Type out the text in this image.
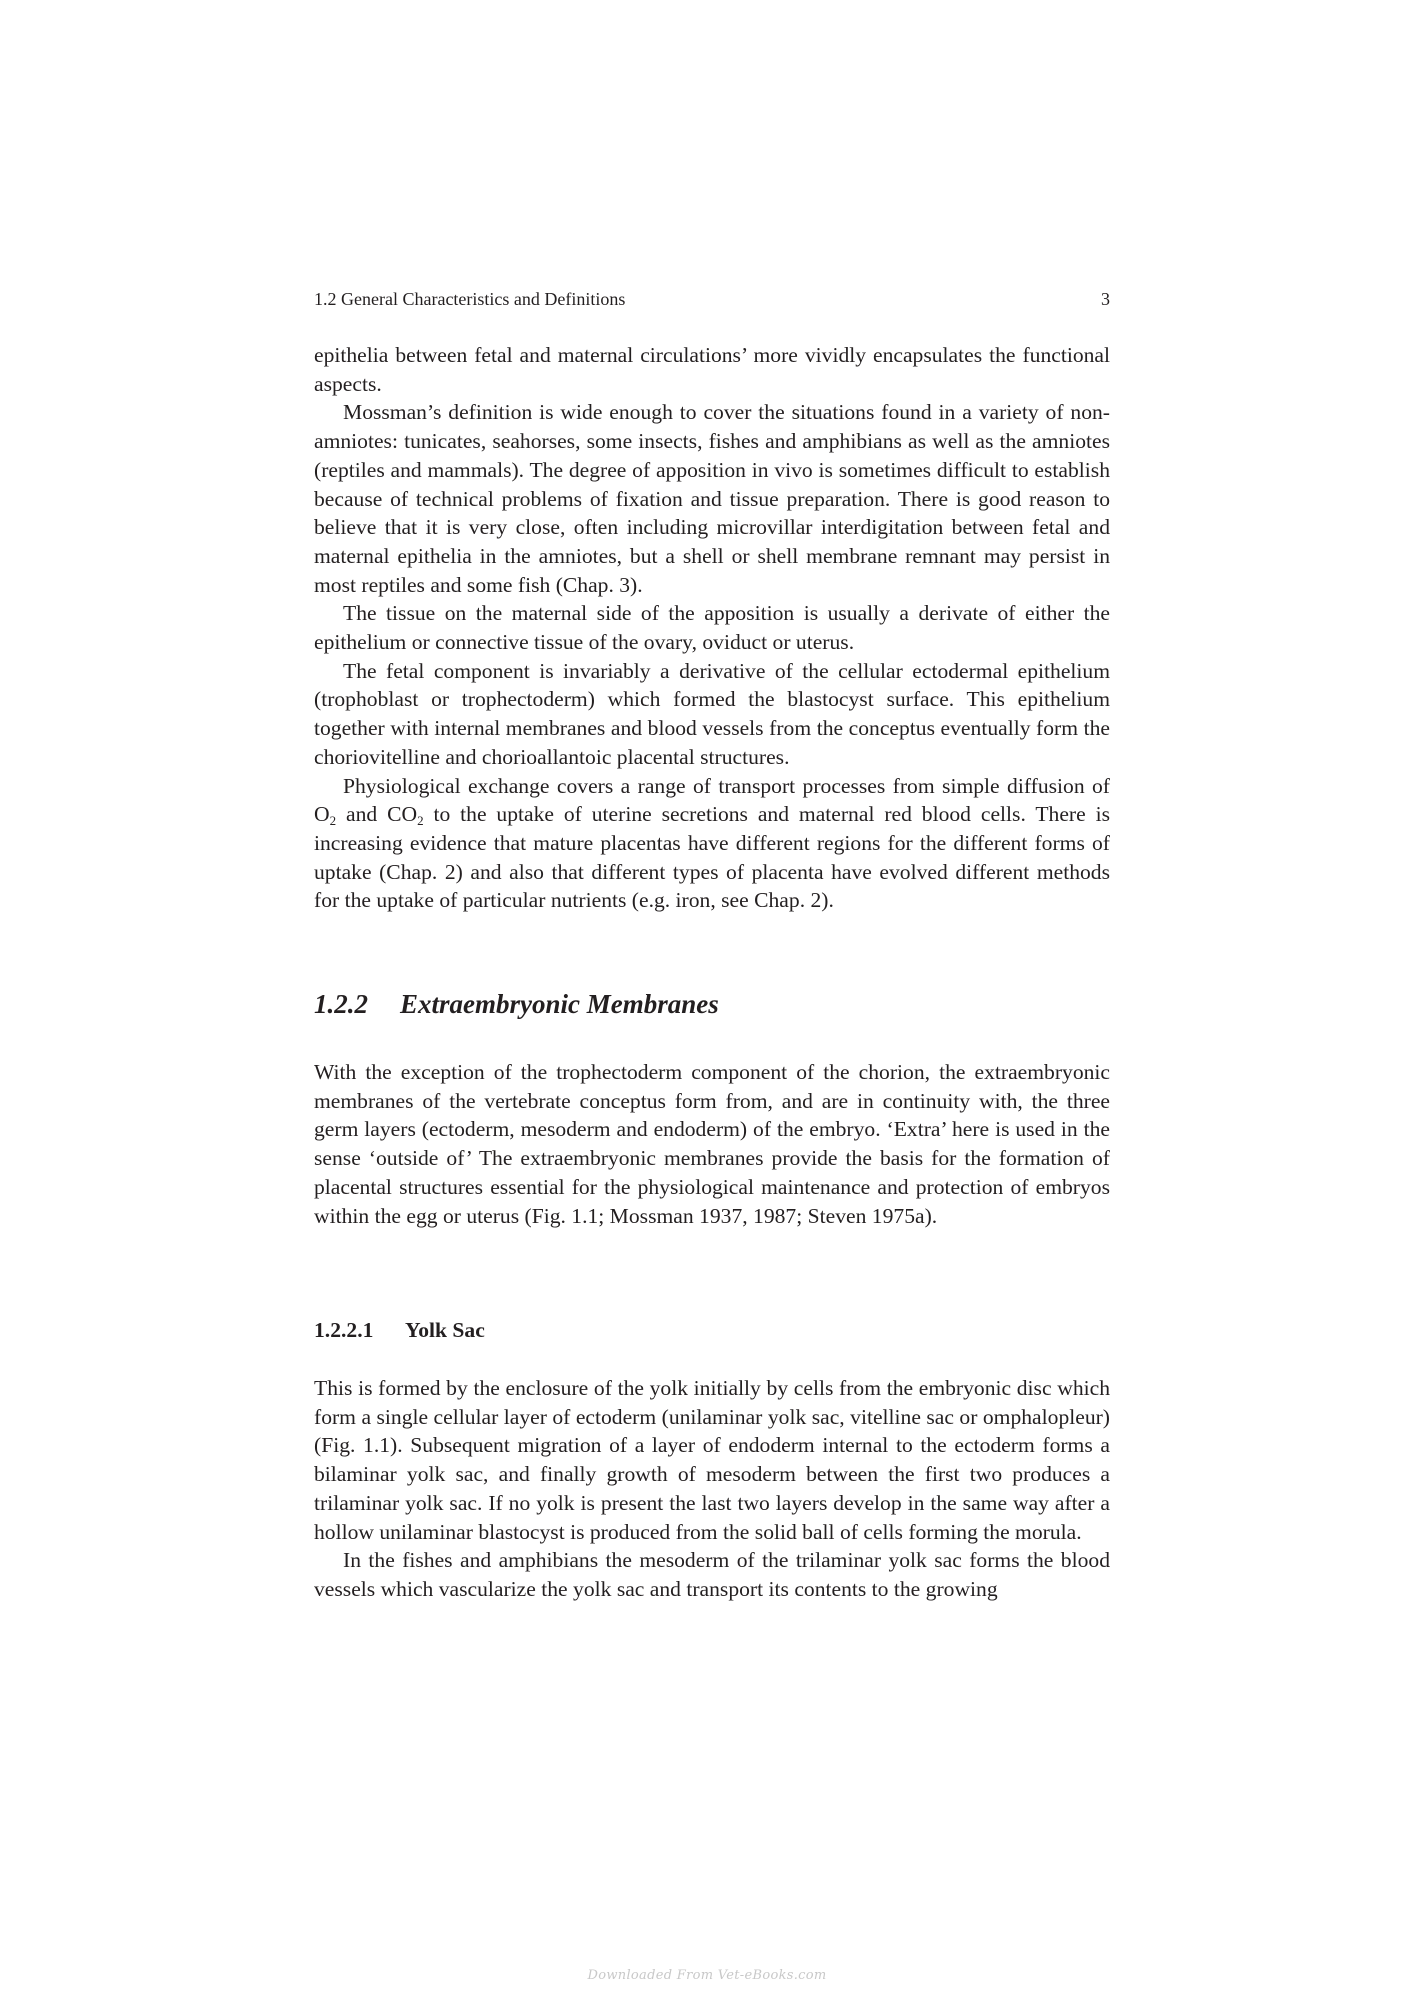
1.2 General Characteristics and Definitions	3

epithelia between fetal and maternal circulations’ more vividly encapsulates the functional aspects.

Mossman’s definition is wide enough to cover the situations found in a variety of non-amniotes: tunicates, seahorses, some insects, fishes and amphibians as well as the amniotes (reptiles and mammals). The degree of apposition in vivo is sometimes difficult to establish because of technical problems of fixation and tissue preparation. There is good reason to believe that it is very close, often including microvillar interdigitation between fetal and maternal epithelia in the amniotes, but a shell or shell membrane remnant may persist in most reptiles and some fish (Chap. 3).

The tissue on the maternal side of the apposition is usually a derivate of either the epithelium or connective tissue of the ovary, oviduct or uterus.

The fetal component is invariably a derivative of the cellular ectodermal epithelium (trophoblast or trophectoderm) which formed the blastocyst surface. This epithelium together with internal membranes and blood vessels from the conceptus eventually form the choriovitelline and chorioallantoic placental structures.

Physiological exchange covers a range of transport processes from simple diffusion of $O_2$ and $CO_2$ to the uptake of uterine secretions and maternal red blood cells. There is increasing evidence that mature placentas have different regions for the different forms of uptake (Chap. 2) and also that different types of placenta have evolved different methods for the uptake of particular nutrients (e.g. iron, see Chap. 2).

1.2.2 Extraembryonic Membranes

With the exception of the trophectoderm component of the chorion, the extraembryonic membranes of the vertebrate conceptus form from, and are in continuity with, the three germ layers (ectoderm, mesoderm and endoderm) of the embryo. ‘Extra’ here is used in the sense ‘outside of’ The extraembryonic membranes provide the basis for the formation of placental structures essential for the physiological maintenance and protection of embryos within the egg or uterus (Fig. 1.1; Mossman 1937, 1987; Steven 1975a).

1.2.2.1 Yolk Sac

This is formed by the enclosure of the yolk initially by cells from the embryonic disc which form a single cellular layer of ectoderm (unilaminar yolk sac, vitelline sac or omphalopleur) (Fig. 1.1). Subsequent migration of a layer of endoderm internal to the ectoderm forms a bilaminar yolk sac, and finally growth of mesoderm between the first two produces a trilaminar yolk sac. If no yolk is present the last two layers develop in the same way after a hollow unilaminar blastocyst is produced from the solid ball of cells forming the morula.

In the fishes and amphibians the mesoderm of the trilaminar yolk sac forms the blood vessels which vascularize the yolk sac and transport its contents to the growing

Downloaded From Vet-eBooks.com
